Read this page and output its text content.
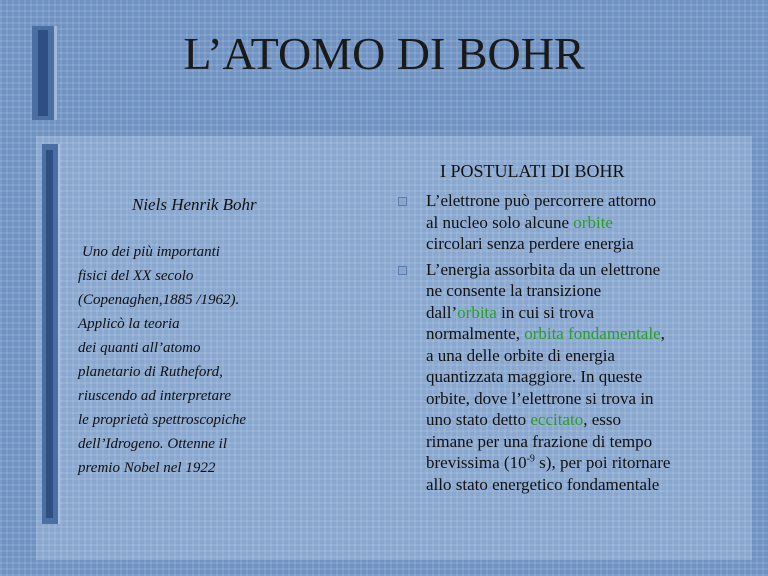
L’ATOMO DI BOHR
Niels Henrik Bohr
Uno dei più importanti
fisici del XX secolo
(Copenaghen,1885 /1962).
Applicò la teoria
dei quanti all’atomo
planetario di Rutheford,
riuscendo ad interpretare
le proprietà spettroscopiche
dell’Idrogeno. Ottenne il
premio Nobel nel 1922
I POSTULATI DI BOHR
L’elettrone può percorrere attorno
al nucleo solo alcune orbite
circolari senza perdere energia
L’energia assorbita da un elettrone
ne consente la transizione
dall’orbita in cui si trova
normalmente, orbita fondamentale,
a una delle orbite di energia
quantizzata maggiore. In queste
orbite, dove l’elettrone si trova in
uno stato detto eccitato, esso
rimane per una frazione di tempo
brevissima ($10^{-9}$ s), per poi ritornare
allo stato energetico fondamentale
